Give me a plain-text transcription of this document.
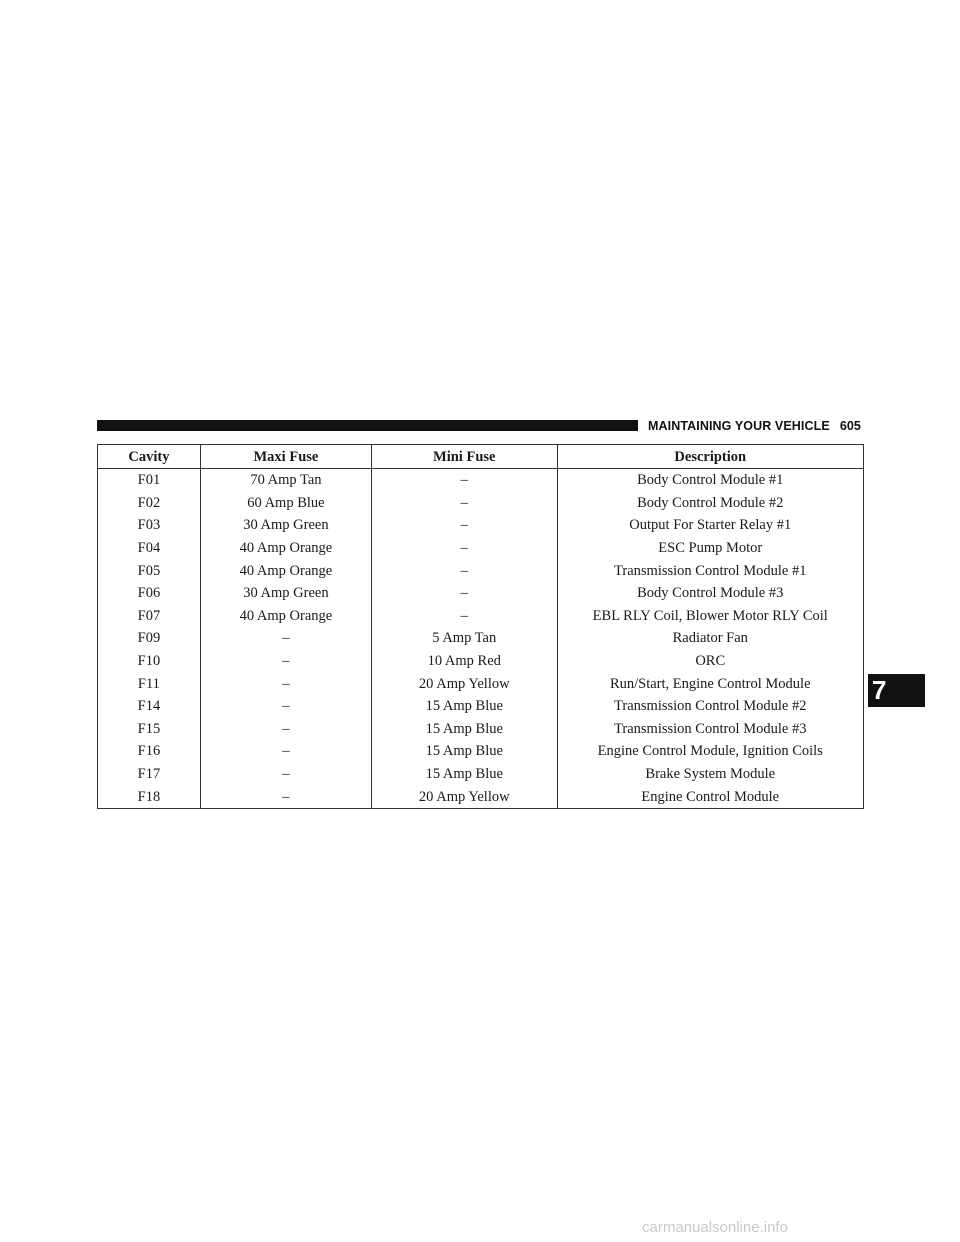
MAINTAINING YOUR VEHICLE 605
Cavity	Maxi Fuse	Mini Fuse	Description
F01	70 Amp Tan	–	Body Control Module #1
F02	60 Amp Blue	–	Body Control Module #2
F03	30 Amp Green	–	Output For Starter Relay #1
F04	40 Amp Orange	–	ESC Pump Motor
F05	40 Amp Orange	–	Transmission Control Module #1
F06	30 Amp Green	–	Body Control Module #3
F07	40 Amp Orange	–	EBL RLY Coil, Blower Motor RLY Coil
F09	–	5 Amp Tan	Radiator Fan
F10	–	10 Amp Red	ORC
F11	–	20 Amp Yellow	Run/Start, Engine Control Module
F14	–	15 Amp Blue	Transmission Control Module #2
F15	–	15 Amp Blue	Transmission Control Module #3
F16	–	15 Amp Blue	Engine Control Module, Ignition Coils
F17	–	15 Amp Blue	Brake System Module
F18	–	20 Amp Yellow	Engine Control Module
7
carmanualsonline.info
